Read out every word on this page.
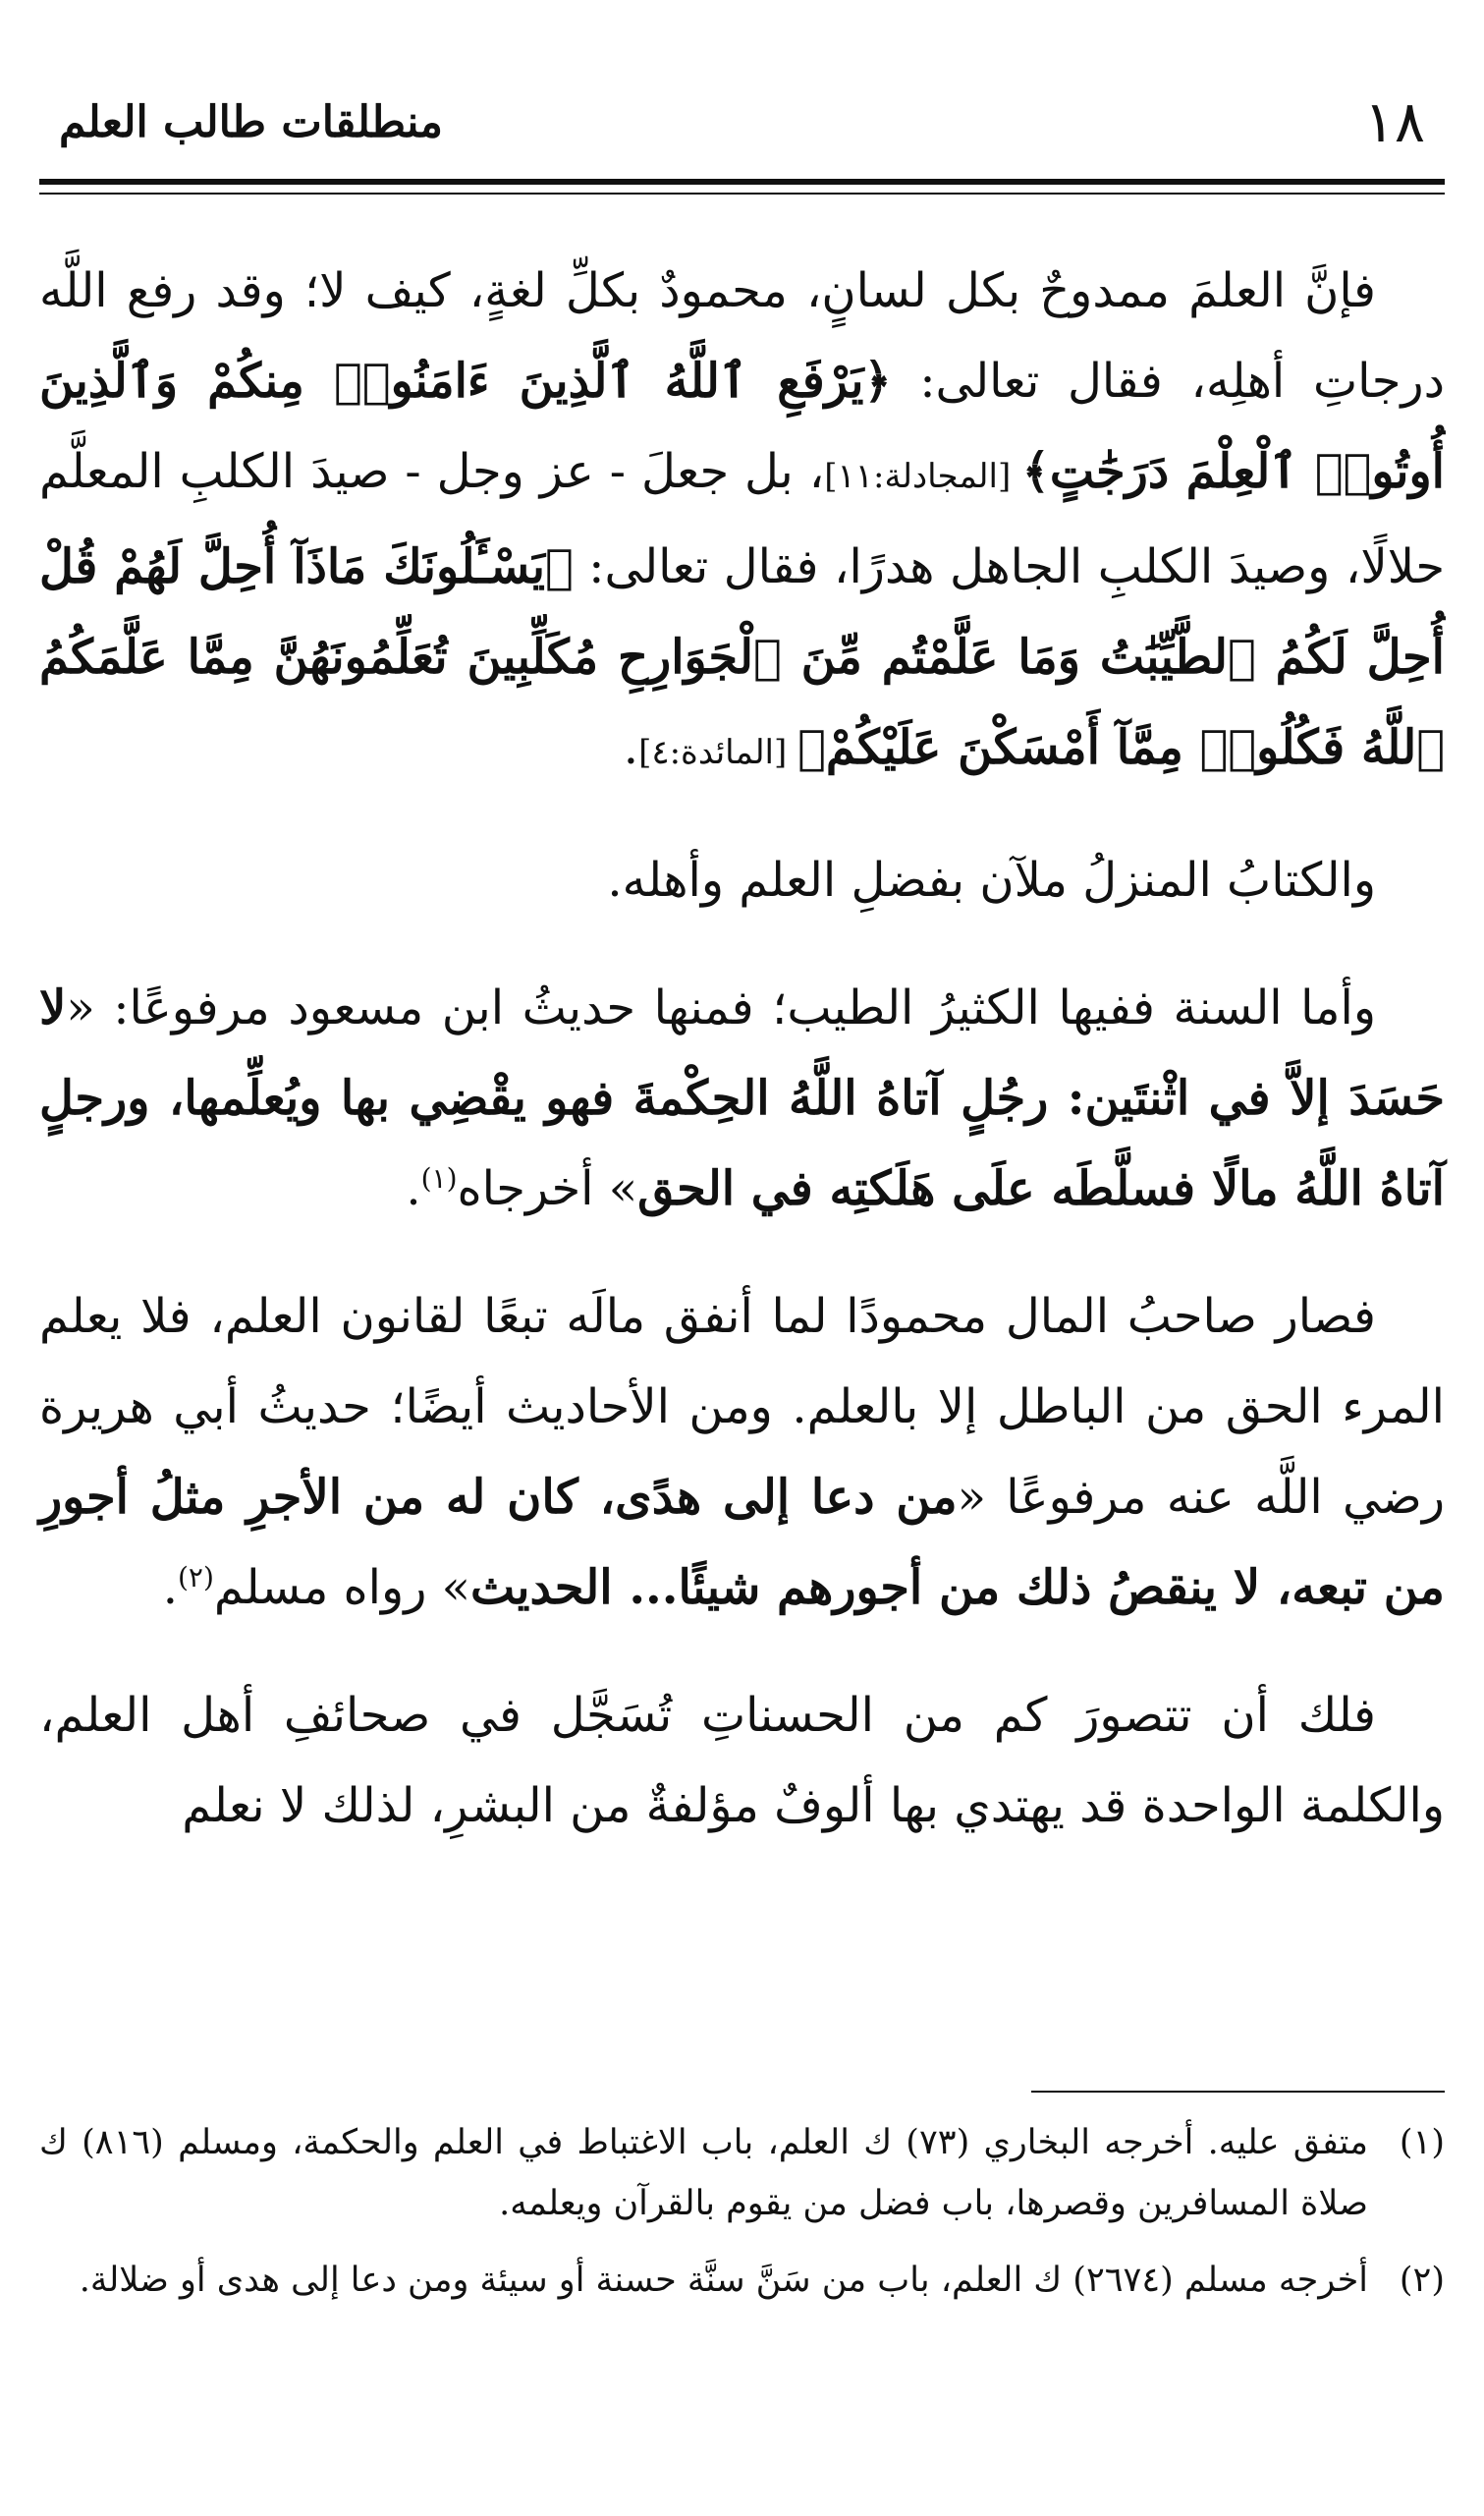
١٨
منطلقات طالب العلم

فإنَّ العلمَ ممدوحٌ بكل لسانٍ، محمودٌ بكلِّ لغةٍ، كيف لا؛ وقد رفع اللَّه درجاتِ أهلِه، فقال تعالى: ﴿يَرْفَعِ ٱللَّهُ ٱلَّذِينَ ءَامَنُوا۟ مِنكُمْ وَٱلَّذِينَ أُوتُوا۟ ٱلْعِلْمَ دَرَجَٰتٍ﴾ [المجادلة:١١]، بل جعلَ - عز وجل - صيدَ الكلبِ المعلَّم حلالًا، وصيدَ الكلبِ الجاهل هدرًا، فقال تعالى: ﴿يَسْـَٔلُونَكَ مَاذَآ أُحِلَّ لَهُمْ قُلْ أُحِلَّ لَكُمُ ٱلطَّيِّبَٰتُ وَمَا عَلَّمْتُم مِّنَ ٱلْجَوَارِحِ مُكَلِّبِينَ تُعَلِّمُونَهُنَّ مِمَّا عَلَّمَكُمُ ٱللَّهُ فَكُلُوا۟ مِمَّآ أَمْسَكْنَ عَلَيْكُمْ﴾ [المائدة:٤].

والكتابُ المنزلُ ملآن بفضلِ العلم وأهله.

وأما السنة ففيها الكثيرُ الطيب؛ فمنها حديثُ ابن مسعود مرفوعًا: «لا حَسَدَ إلاَّ في اثْنتَين: رجُلٍ آتاهُ اللَّهُ الحِكْمةَ فهو يقْضِي بها ويُعلِّمها، ورجلٍ آتاهُ اللَّهُ مالًا فسلَّطَه علَى هَلَكتِه في الحق» أخرجاه$^{(١)}$.

فصار صاحبُ المال محمودًا لما أنفق مالَه تبعًا لقانون العلم، فلا يعلم المرء الحق من الباطل إلا بالعلم. ومن الأحاديث أيضًا؛ حديثُ أبي هريرة رضي اللَّه عنه مرفوعًا «من دعا إلى هدًى، كان له من الأجرِ مثلُ أجورِ من تبعه، لا ينقصُ ذلك من أجورهم شيئًا... الحديث» رواه مسلم$^{(٢)}$.

فلك أن تتصورَ كم من الحسناتِ تُسَجَّل في صحائفِ أهل العلم، والكلمة الواحدة قد يهتدي بها ألوفٌ مؤلفةٌ من البشرِ، لذلك لا نعلم

(١)
متفق عليه. أخرجه البخاري (٧٣) ك العلم، باب الاغتباط في العلم والحكمة، ومسلم (٨١٦) ك صلاة المسافرين وقصرها، باب فضل من يقوم بالقرآن ويعلمه.
(٢)
أخرجه مسلم (٢٦٧٤) ك العلم، باب من سَنَّ سنَّة حسنة أو سيئة ومن دعا إلى هدى أو ضلالة.
